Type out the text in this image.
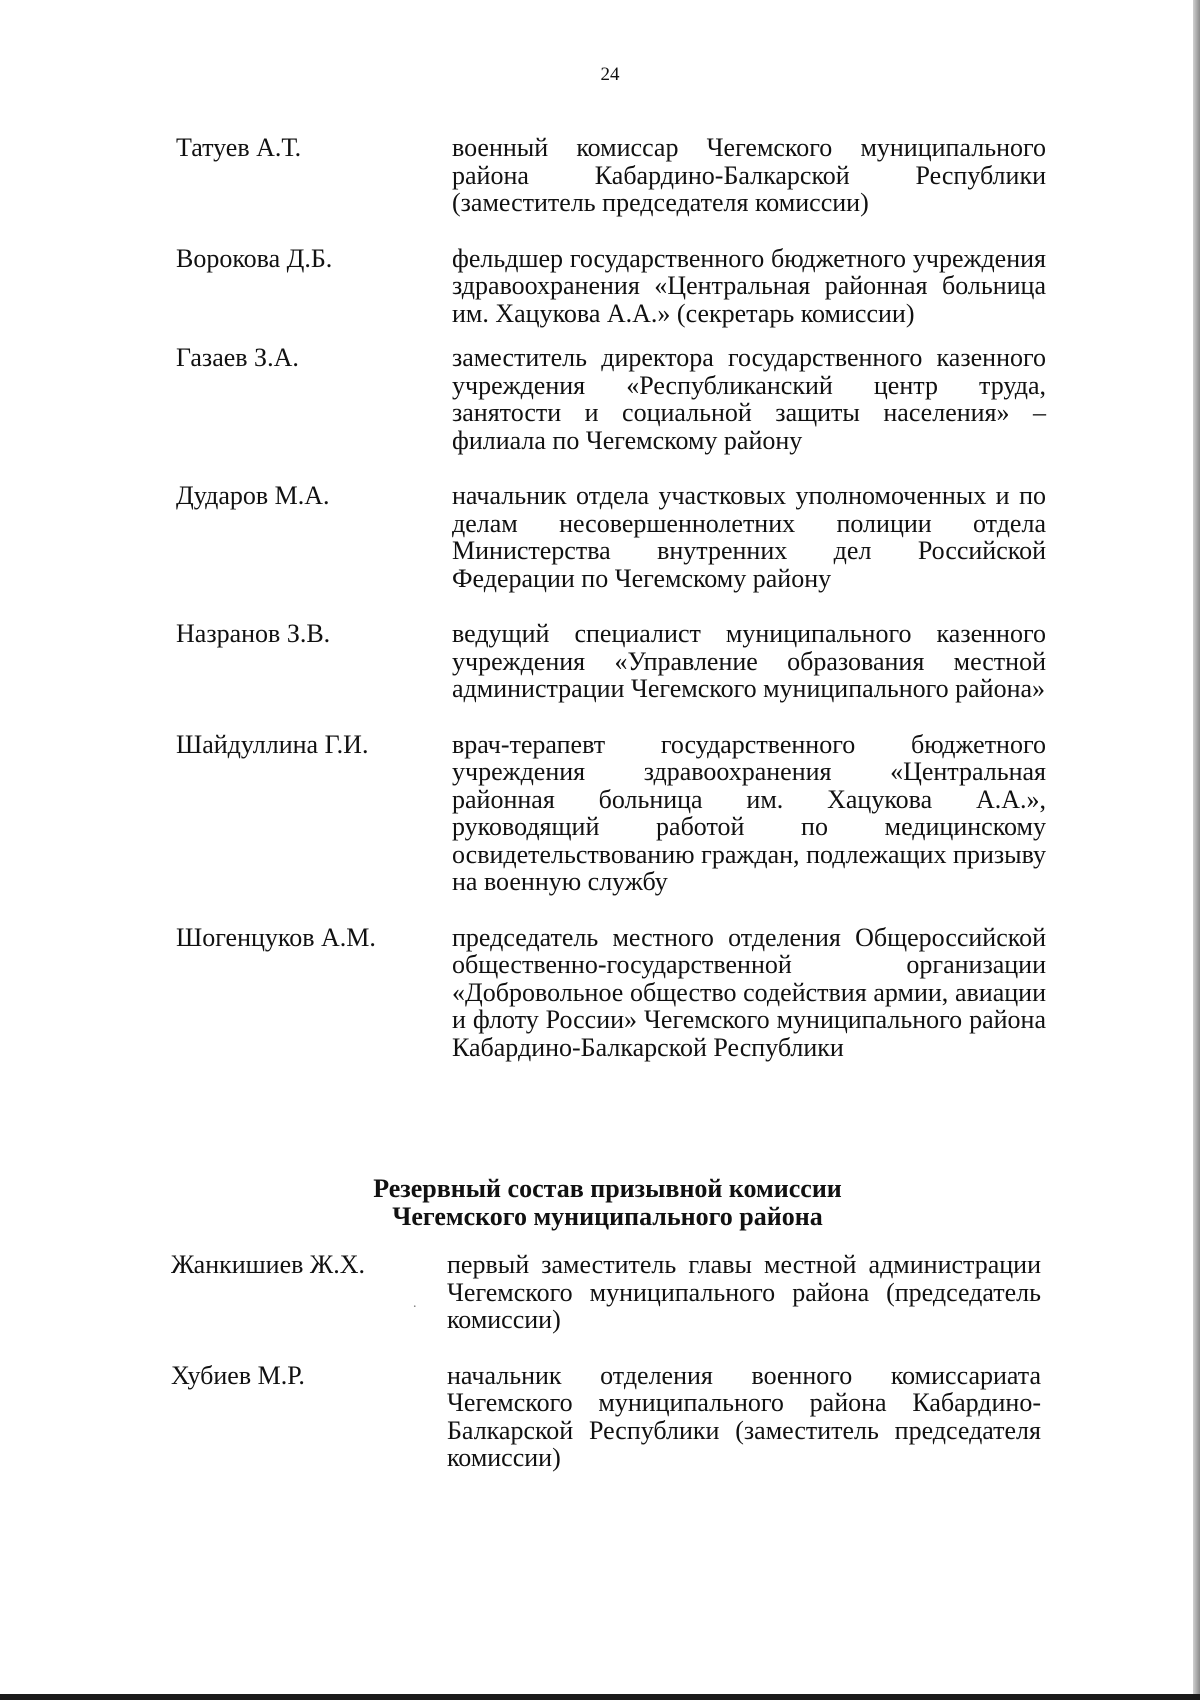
24
Татуев А.Т.	военный комиссар Чегемского муниципального района Кабардино-Балкарской Республики (заместитель председателя комиссии)
Ворокова Д.Б.	фельдшер государственного бюджетного учреждения здравоохранения «Центральная районная больница им. Хацукова А.А.» (секретарь комиссии)
Газаев З.А.	заместитель директора государственного казенного учреждения «Республиканский центр труда, занятости и социальной защиты населения» – филиала по Чегемскому району
Дударов М.А.	начальник отдела участковых уполномоченных и по делам несовершеннолетних полиции отдела Министерства внутренних дел Российской Федерации по Чегемскому району
Назранов З.В.	ведущий специалист муниципального казенного учреждения «Управление образования местной администрации Чегемского муниципального района»
Шайдуллина Г.И.	врач-терапевт государственного бюджетного учреждения здравоохранения «Центральная районная больница им. Хацукова А.А.», руководящий работой по медицинскому освидетельствованию граждан, подлежащих призыву на военную службу
Шогенцуков А.М.	председатель местного отделения Общероссийской общественно-государственной организации «Добровольное общество содействия армии, авиации и флоту России» Чегемского муниципального района Кабардино-Балкарской Республики
Резервный состав призывной комиссии
Чегемского муниципального района
Жанкишиев Ж.Х.	первый заместитель главы местной администрации Чегемского муниципального района (председатель комиссии)
Хубиев М.Р.	начальник отделения военного комиссариата Чегемского муниципального района Кабардино-Балкарской Республики (заместитель председателя комиссии)
.
